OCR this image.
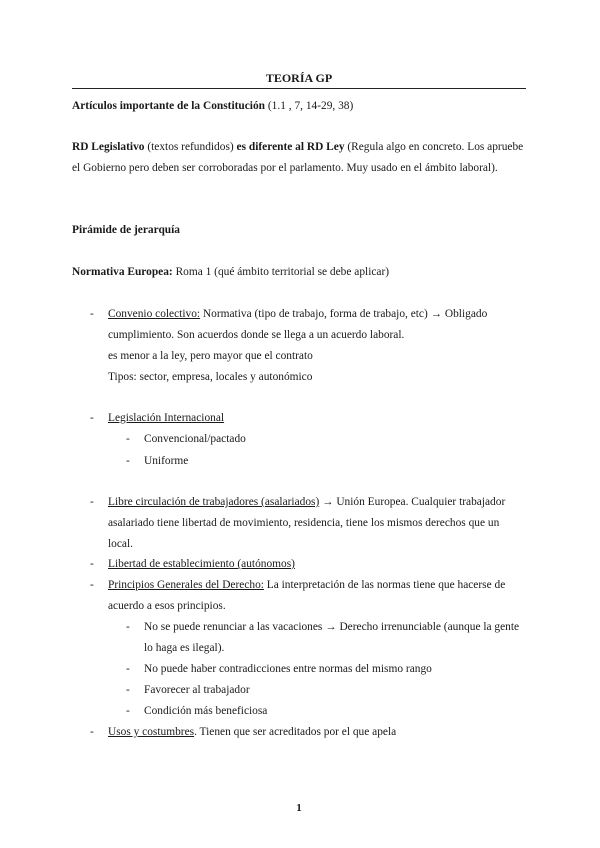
TEORÍA GP
Artículos importante de la Constitución (1.1 , 7, 14-29, 38)
RD Legislativo (textos refundidos) es diferente al RD Ley (Regula algo en concreto. Los apruebe el Gobierno pero deben ser corroboradas por el parlamento. Muy usado en el ámbito laboral).
Pirámide de jerarquía
Normativa Europea: Roma 1 (qué ámbito territorial se debe aplicar)
- Convenio colectivo: Normativa (tipo de trabajo, forma de trabajo, etc) → Obligado cumplimiento. Son acuerdos donde se llega a un acuerdo laboral.
es menor a la ley, pero mayor que el contrato
Tipos: sector, empresa, locales y autonómico
- Legislación Internacional
- Convencional/pactado
- Uniforme
- Libre circulación de trabajadores (asalariados) → Unión Europea. Cualquier trabajador asalariado tiene libertad de movimiento, residencia, tiene los mismos derechos que un local.
- Libertad de establecimiento (autónomos)
- Principios Generales del Derecho: La interpretación de las normas tiene que hacerse de acuerdo a esos principios.
- No se puede renunciar a las vacaciones → Derecho irrenunciable (aunque la gente lo haga es ilegal).
- No puede haber contradicciones entre normas del mismo rango
- Favorecer al trabajador
- Condición más beneficiosa
- Usos y costumbres. Tienen que ser acreditados por el que apela
1
